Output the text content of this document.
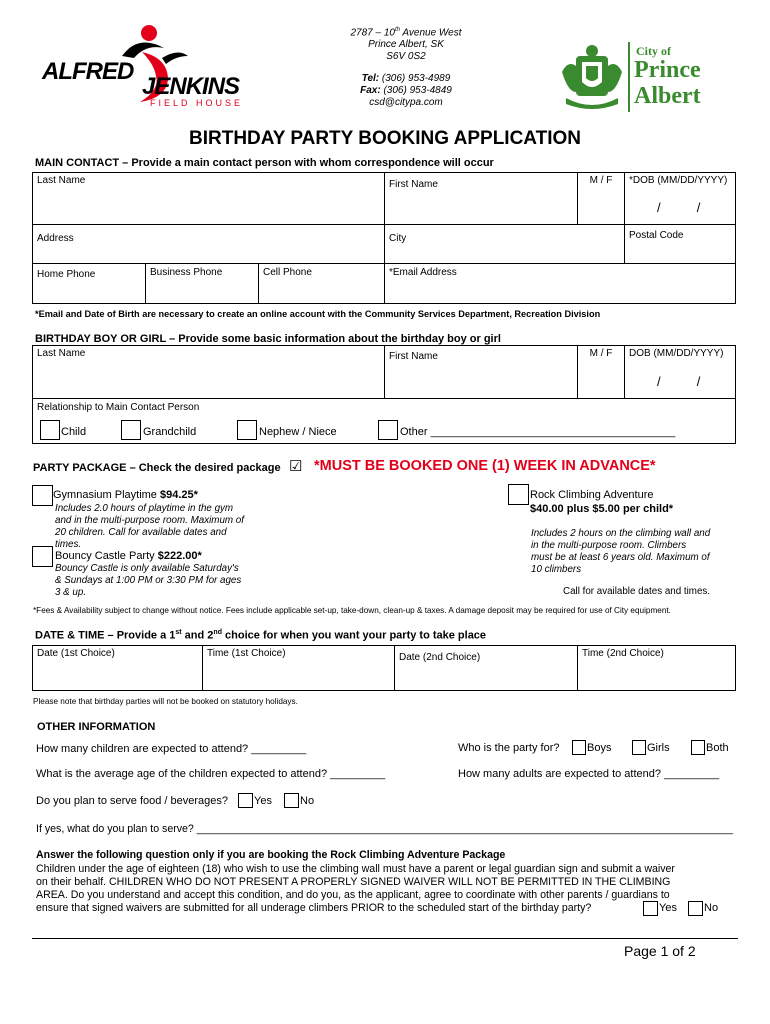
ALFRED
JENKINS
FIELD HOUSE
2787 – 10th Avenue West
Prince Albert, SK
S6V 0S2
Tel: (306) 953-4989
Fax: (306) 953-4849
csd@citypa.com
City of
Prince
Albert
BIRTHDAY PARTY BOOKING APPLICATION
MAIN CONTACT – Provide a main contact person with whom correspondence will occur
Last Name	First Name	M / F	*DOB (MM/DD/YYYY)
/          /
Address	City	Postal Code
Home Phone	Business Phone	Cell Phone	*Email Address
*Email and Date of Birth are necessary to create an online account with the Community Services Department, Recreation Division
BIRTHDAY BOY OR GIRL – Provide some basic information about the birthday boy or girl
Last Name	First Name	M / F	DOB (MM/DD/YYYY)
/          /
Relationship to Main Contact Person
Child	Grandchild	Nephew / Niece	Other ________________________________________
PARTY PACKAGE – Check the desired package ☑ *MUST BE BOOKED ONE (1) WEEK IN ADVANCE*
Gymnasium Playtime $94.25*
Includes 2.0 hours of playtime in the gym
and in the multi-purpose room. Maximum of
20 children. Call for available dates and
times.
Bouncy Castle Party $222.00*
Bouncy Castle is only available Saturday's
& Sundays at 1:00 PM or 3:30 PM for ages
3 & up.
Rock Climbing Adventure
$40.00 plus $5.00 per child*
Includes 2 hours on the climbing wall and
in the multi-purpose room. Climbers
must be at least 6 years old. Maximum of
10 climbers
Call for available dates and times.
*Fees & Availability subject to change without notice. Fees include applicable set-up, take-down, clean-up & taxes. A damage deposit may be required for use of City equipment.
DATE & TIME – Provide a 1st and 2nd choice for when you want your party to take place
Date (1st Choice)	Time (1st Choice)	Date (2nd Choice)	Time (2nd Choice)
Please note that birthday parties will not be booked on statutory holidays.
OTHER INFORMATION
How many children are expected to attend? _________	Who is the party for?	Boys	Girls	Both
What is the average age of the children expected to attend? _________	How many adults are expected to attend? _________
Do you plan to serve food / beverages? Yes	No
If yes, what do you plan to serve? ___________________________________________________________________________________________
Answer the following question only if you are booking the Rock Climbing Adventure Package
Children under the age of eighteen (18) who wish to use the climbing wall must have a parent or legal guardian sign and submit a waiver
on their behalf. CHILDREN WHO DO NOT PRESENT A PROPERLY SIGNED WAIVER WILL NOT BE PERMITTED IN THE CLIMBING
AREA. Do you understand and accept this condition, and do you, as the applicant, agree to coordinate with other parents / guardians to
ensure that signed waivers are submitted for all underage climbers PRIOR to the scheduled start of the birthday party?	Yes No
Page 1 of 2
